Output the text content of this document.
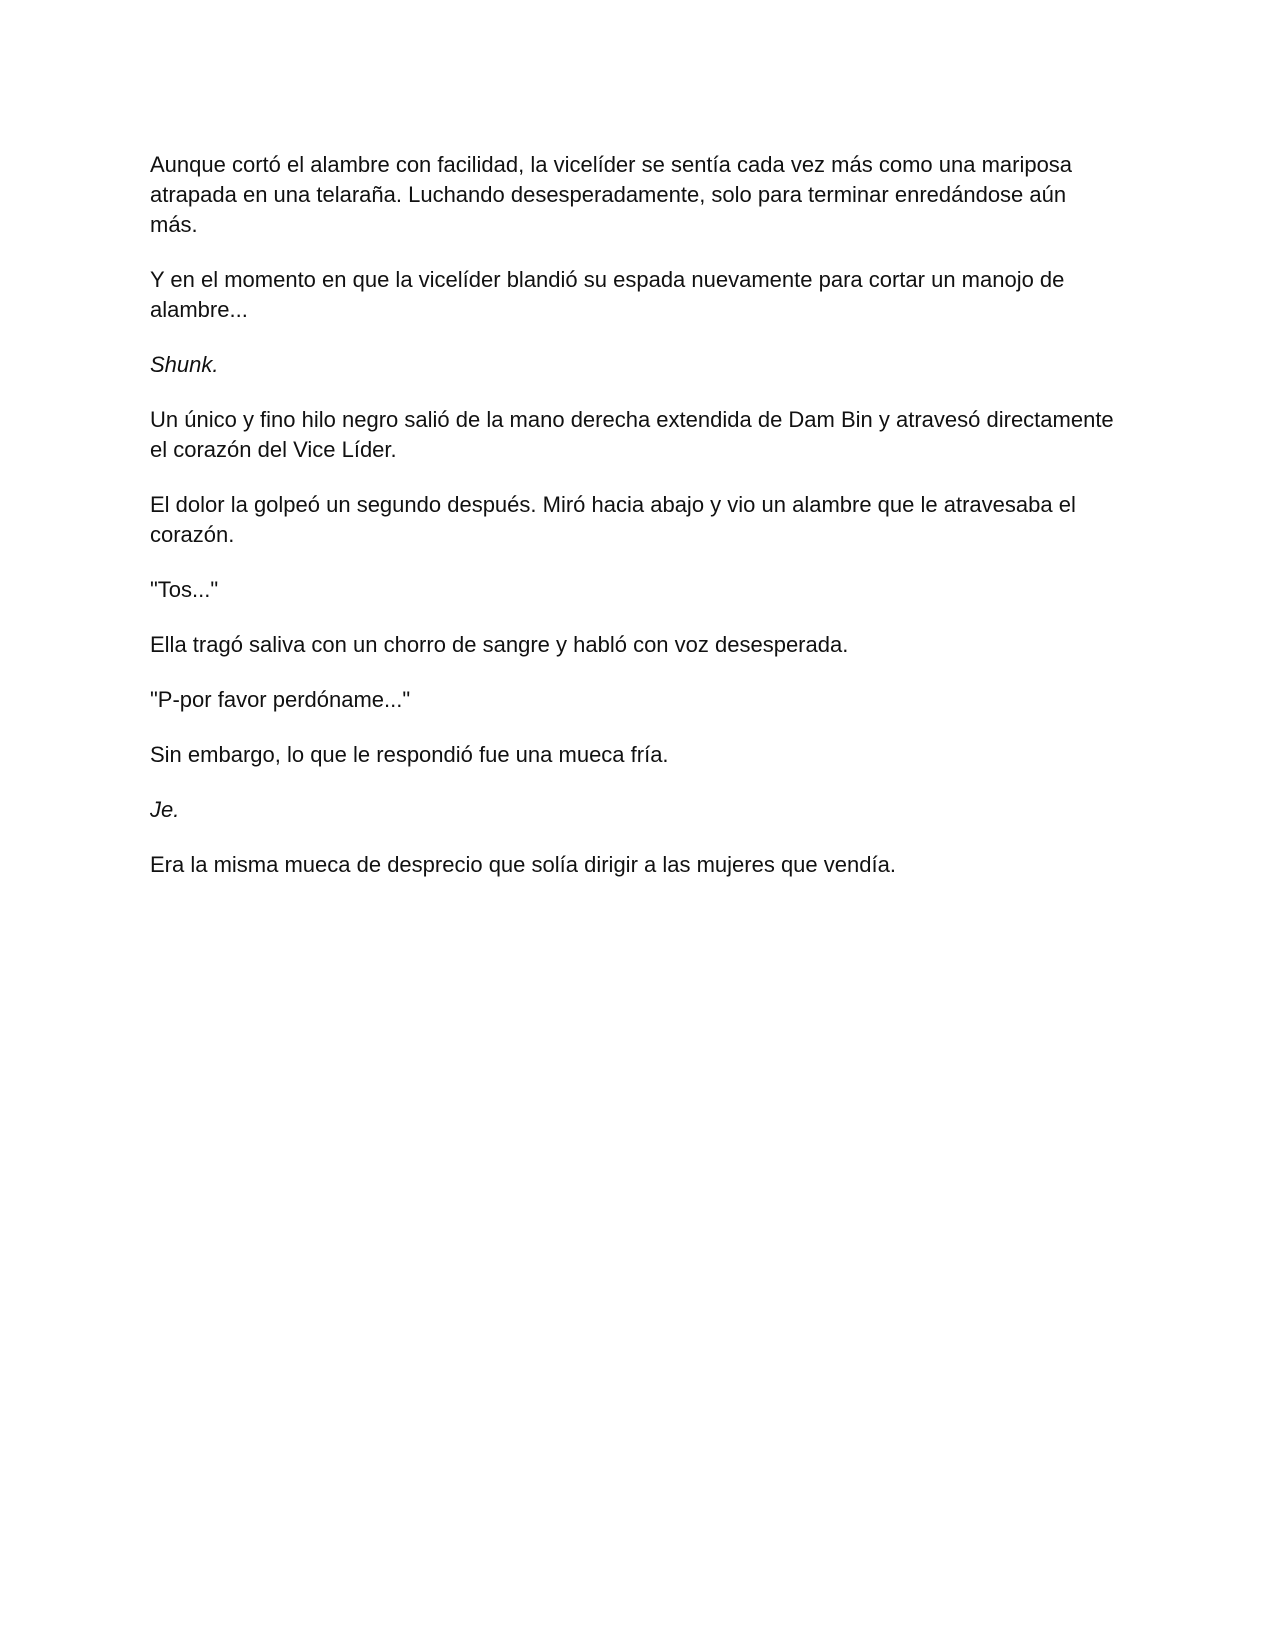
Aunque cortó el alambre con facilidad, la vicelíder se sentía cada vez más como una mariposa atrapada en una telaraña. Luchando desesperadamente, solo para terminar enredándose aún más.

Y en el momento en que la vicelíder blandió su espada nuevamente para cortar un manojo de alambre...

Shunk.

Un único y fino hilo negro salió de la mano derecha extendida de Dam Bin y atravesó directamente el corazón del Vice Líder.

El dolor la golpeó un segundo después. Miró hacia abajo y vio un alambre que le atravesaba el corazón.

"Tos..."

Ella tragó saliva con un chorro de sangre y habló con voz desesperada.

"P-por favor perdóname..."

Sin embargo, lo que le respondió fue una mueca fría.

Je.

Era la misma mueca de desprecio que solía dirigir a las mujeres que vendía.
